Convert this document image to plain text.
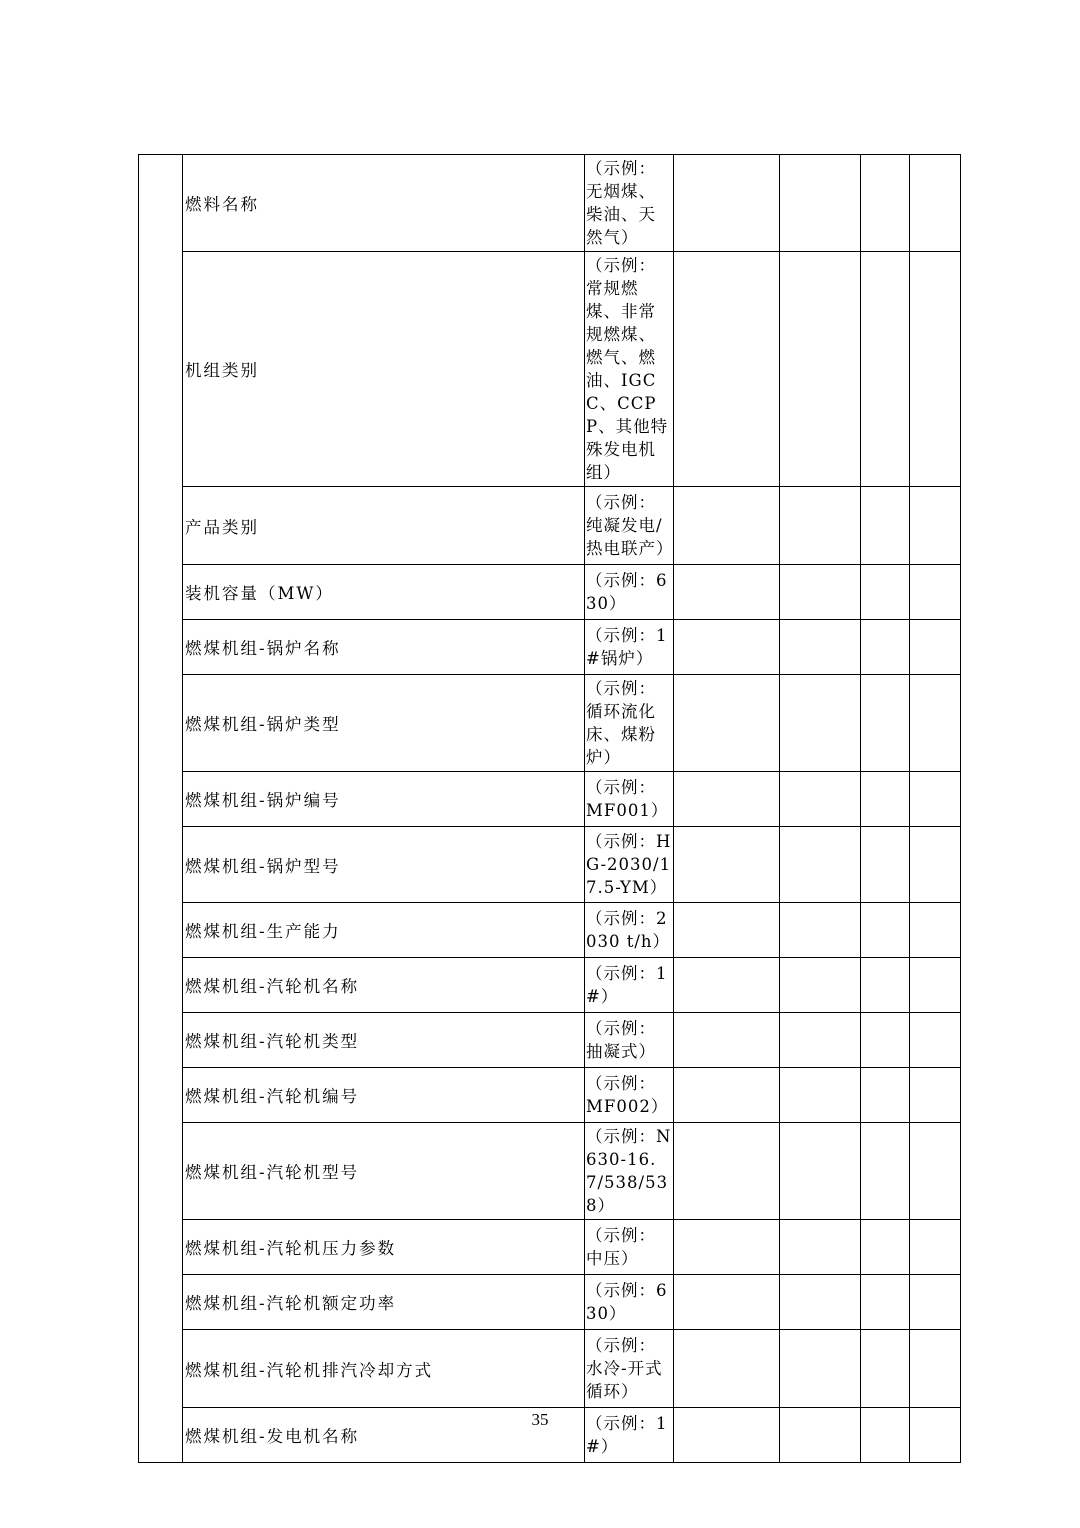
	燃料名称	（示例：无烟煤、柴油、天然气）				
	机组类别	（示例：常规燃煤、非常规燃煤、燃气、燃油、IGCC、CCPP、其他特殊发电机组）				
	产品类别	（示例：纯凝发电/热电联产）				
	装机容量（MW）	（示例：630）				
	燃煤机组-锅炉名称	（示例：1#锅炉）				
	燃煤机组-锅炉类型	（示例：循环流化床、煤粉炉）				
	燃煤机组-锅炉编号	（示例：MF001）				
	燃煤机组-锅炉型号	（示例：HG-2030/17.5-YM）				
	燃煤机组-生产能力	（示例：2030 t/h）				
	燃煤机组-汽轮机名称	（示例：1#）				
	燃煤机组-汽轮机类型	（示例：抽凝式）				
	燃煤机组-汽轮机编号	（示例：MF002）				
	燃煤机组-汽轮机型号	（示例：N630-16.7/538/538）				
	燃煤机组-汽轮机压力参数	（示例：中压）				
	燃煤机组-汽轮机额定功率	（示例：630）				
	燃煤机组-汽轮机排汽冷却方式	（示例：水冷-开式循环）				
	燃煤机组-发电机名称	（示例：1#）				
35
